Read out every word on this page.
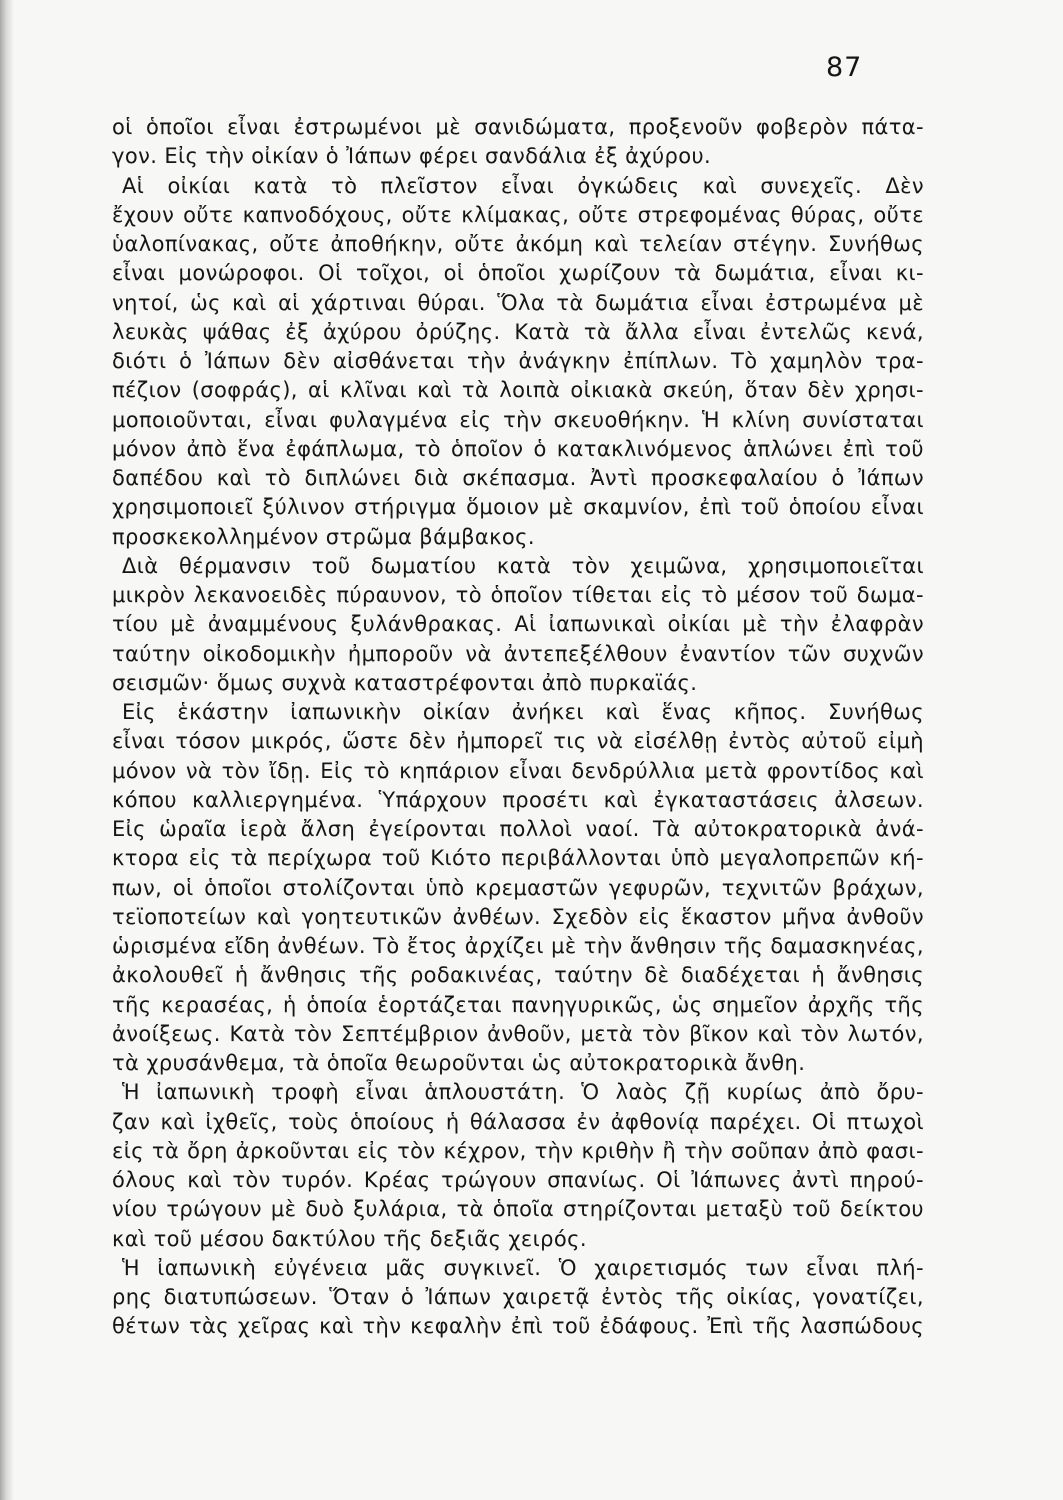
87
οἱ ὁποῖοι εἶναι ἐστρωμένοι μὲ σανιδώματα, προξενοῦν φοβερὸν πάτα-
γον. Εἰς τὴν οἰκίαν ὁ Ἰάπων φέρει σανδάλια ἐξ ἀχύρου.
Αἱ οἰκίαι κατὰ τὸ πλεῖστον εἶναι ὀγκώδεις καὶ συνεχεῖς. Δὲν
ἔχουν οὔτε καπνοδόχους, οὔτε κλίμακας, οὔτε στρεφομένας θύρας, οὔτε
ὑαλοπίνακας, οὔτε ἀποθήκην, οὔτε ἀκόμη καὶ τελείαν στέγην. Συνήθως
εἶναι μονώροφοι. Οἱ τοῖχοι, οἱ ὁποῖοι χωρίζουν τὰ δωμάτια, εἶναι κι-
νητοί, ὡς καὶ αἱ χάρτιναι θύραι. Ὅλα τὰ δωμάτια εἶναι ἐστρωμένα μὲ
λευκὰς ψάθας ἐξ ἀχύρου ὀρύζης. Κατὰ τὰ ἄλλα εἶναι ἐντελῶς κενά,
διότι ὁ Ἰάπων δὲν αἰσθάνεται τὴν ἀνάγκην ἐπίπλων. Τὸ χαμηλὸν τρα-
πέζιον (σοφράς), αἱ κλῖναι καὶ τὰ λοιπὰ οἰκιακὰ σκεύη, ὅταν δὲν χρησι-
μοποιοῦνται, εἶναι φυλαγμένα εἰς τὴν σκευοθήκην. Ἡ κλίνη συνίσταται
μόνον ἀπὸ ἕνα ἐφάπλωμα, τὸ ὁποῖον ὁ κατακλινόμενος ἁπλώνει ἐπὶ τοῦ
δαπέδου καὶ τὸ διπλώνει διὰ σκέπασμα. Ἀντὶ προσκεφαλαίου ὁ Ἰάπων
χρησιμοποιεῖ ξύλινον στήριγμα ὅμοιον μὲ σκαμνίον, ἐπὶ τοῦ ὁποίου εἶναι
προσκεκολλημένον στρῶμα βάμβακος.
Διὰ θέρμανσιν τοῦ δωματίου κατὰ τὸν χειμῶνα, χρησιμοποιεῖται
μικρὸν λεκανοειδὲς πύραυνον, τὸ ὁποῖον τίθεται εἰς τὸ μέσον τοῦ δωμα-
τίου μὲ ἀναμμένους ξυλάνθρακας. Αἱ ἰαπωνικαὶ οἰκίαι μὲ τὴν ἐλαφρὰν
ταύτην οἰκοδομικὴν ἠμποροῦν νὰ ἀντεπεξέλθουν ἐναντίον τῶν συχνῶν
σεισμῶν· ὅμως συχνὰ καταστρέφονται ἀπὸ πυρκαϊάς.
Εἰς ἑκάστην ἰαπωνικὴν οἰκίαν ἀνήκει καὶ ἕνας κῆπος. Συνήθως
εἶναι τόσον μικρός, ὥστε δὲν ἠμπορεῖ τις νὰ εἰσέλθῃ ἐντὸς αὐτοῦ εἰμὴ
μόνον νὰ τὸν ἴδῃ. Εἰς τὸ κηπάριον εἶναι δενδρύλλια μετὰ φροντίδος καὶ
κόπου καλλιεργημένα. Ὑπάρχουν προσέτι καὶ ἐγκαταστάσεις ἀλσεων.
Εἰς ὡραῖα ἱερὰ ἄλση ἐγείρονται πολλοὶ ναοί. Τὰ αὐτοκρατορικὰ ἀνά-
κτορα εἰς τὰ περίχωρα τοῦ Κιότο περιβάλλονται ὑπὸ μεγαλοπρεπῶν κή-
πων, οἱ ὁποῖοι στολίζονται ὑπὸ κρεμαστῶν γεφυρῶν, τεχνιτῶν βράχων,
τεϊοποτείων καὶ γοητευτικῶν ἀνθέων. Σχεδὸν εἰς ἕκαστον μῆνα ἀνθοῦν
ὡρισμένα εἴδη ἀνθέων. Τὸ ἔτος ἀρχίζει μὲ τὴν ἄνθησιν τῆς δαμασκηνέας,
ἀκολουθεῖ ἡ ἄνθησις τῆς ροδακινέας, ταύτην δὲ διαδέχεται ἡ ἄνθησις
τῆς κερασέας, ἡ ὁποία ἑορτάζεται πανηγυρικῶς, ὡς σημεῖον ἀρχῆς τῆς
ἀνοίξεως. Κατὰ τὸν Σεπτέμβριον ἀνθοῦν, μετὰ τὸν βῖκον καὶ τὸν λωτόν,
τὰ χρυσάνθεμα, τὰ ὁποῖα θεωροῦνται ὡς αὐτοκρατορικὰ ἄνθη.
Ἡ ἰαπωνικὴ τροφὴ εἶναι ἁπλουστάτη. Ὁ λαὸς ζῇ κυρίως ἀπὸ ὄρυ-
ζαν καὶ ἰχθεῖς, τοὺς ὁποίους ἡ θάλασσα ἐν ἀφθονίᾳ παρέχει. Οἱ πτωχοὶ
εἰς τὰ ὄρη ἀρκοῦνται εἰς τὸν κέχρον, τὴν κριθὴν ἢ τὴν σοῦπαν ἀπὸ φασι-
όλους καὶ τὸν τυρόν. Κρέας τρώγουν σπανίως. Οἱ Ἰάπωνες ἀντὶ πηρού-
νίου τρώγουν μὲ δυὸ ξυλάρια, τὰ ὁποῖα στηρίζονται μεταξὺ τοῦ δείκτου
καὶ τοῦ μέσου δακτύλου τῆς δεξιᾶς χειρός.
Ἡ ἰαπωνικὴ εὐγένεια μᾶς συγκινεῖ. Ὁ χαιρετισμός των εἶναι πλή-
ρης διατυπώσεων. Ὅταν ὁ Ἰάπων χαιρετᾷ ἐντὸς τῆς οἰκίας, γονατίζει,
θέτων τὰς χεῖρας καὶ τὴν κεφαλὴν ἐπὶ τοῦ ἐδάφους. Ἐπὶ τῆς λασπώδους
